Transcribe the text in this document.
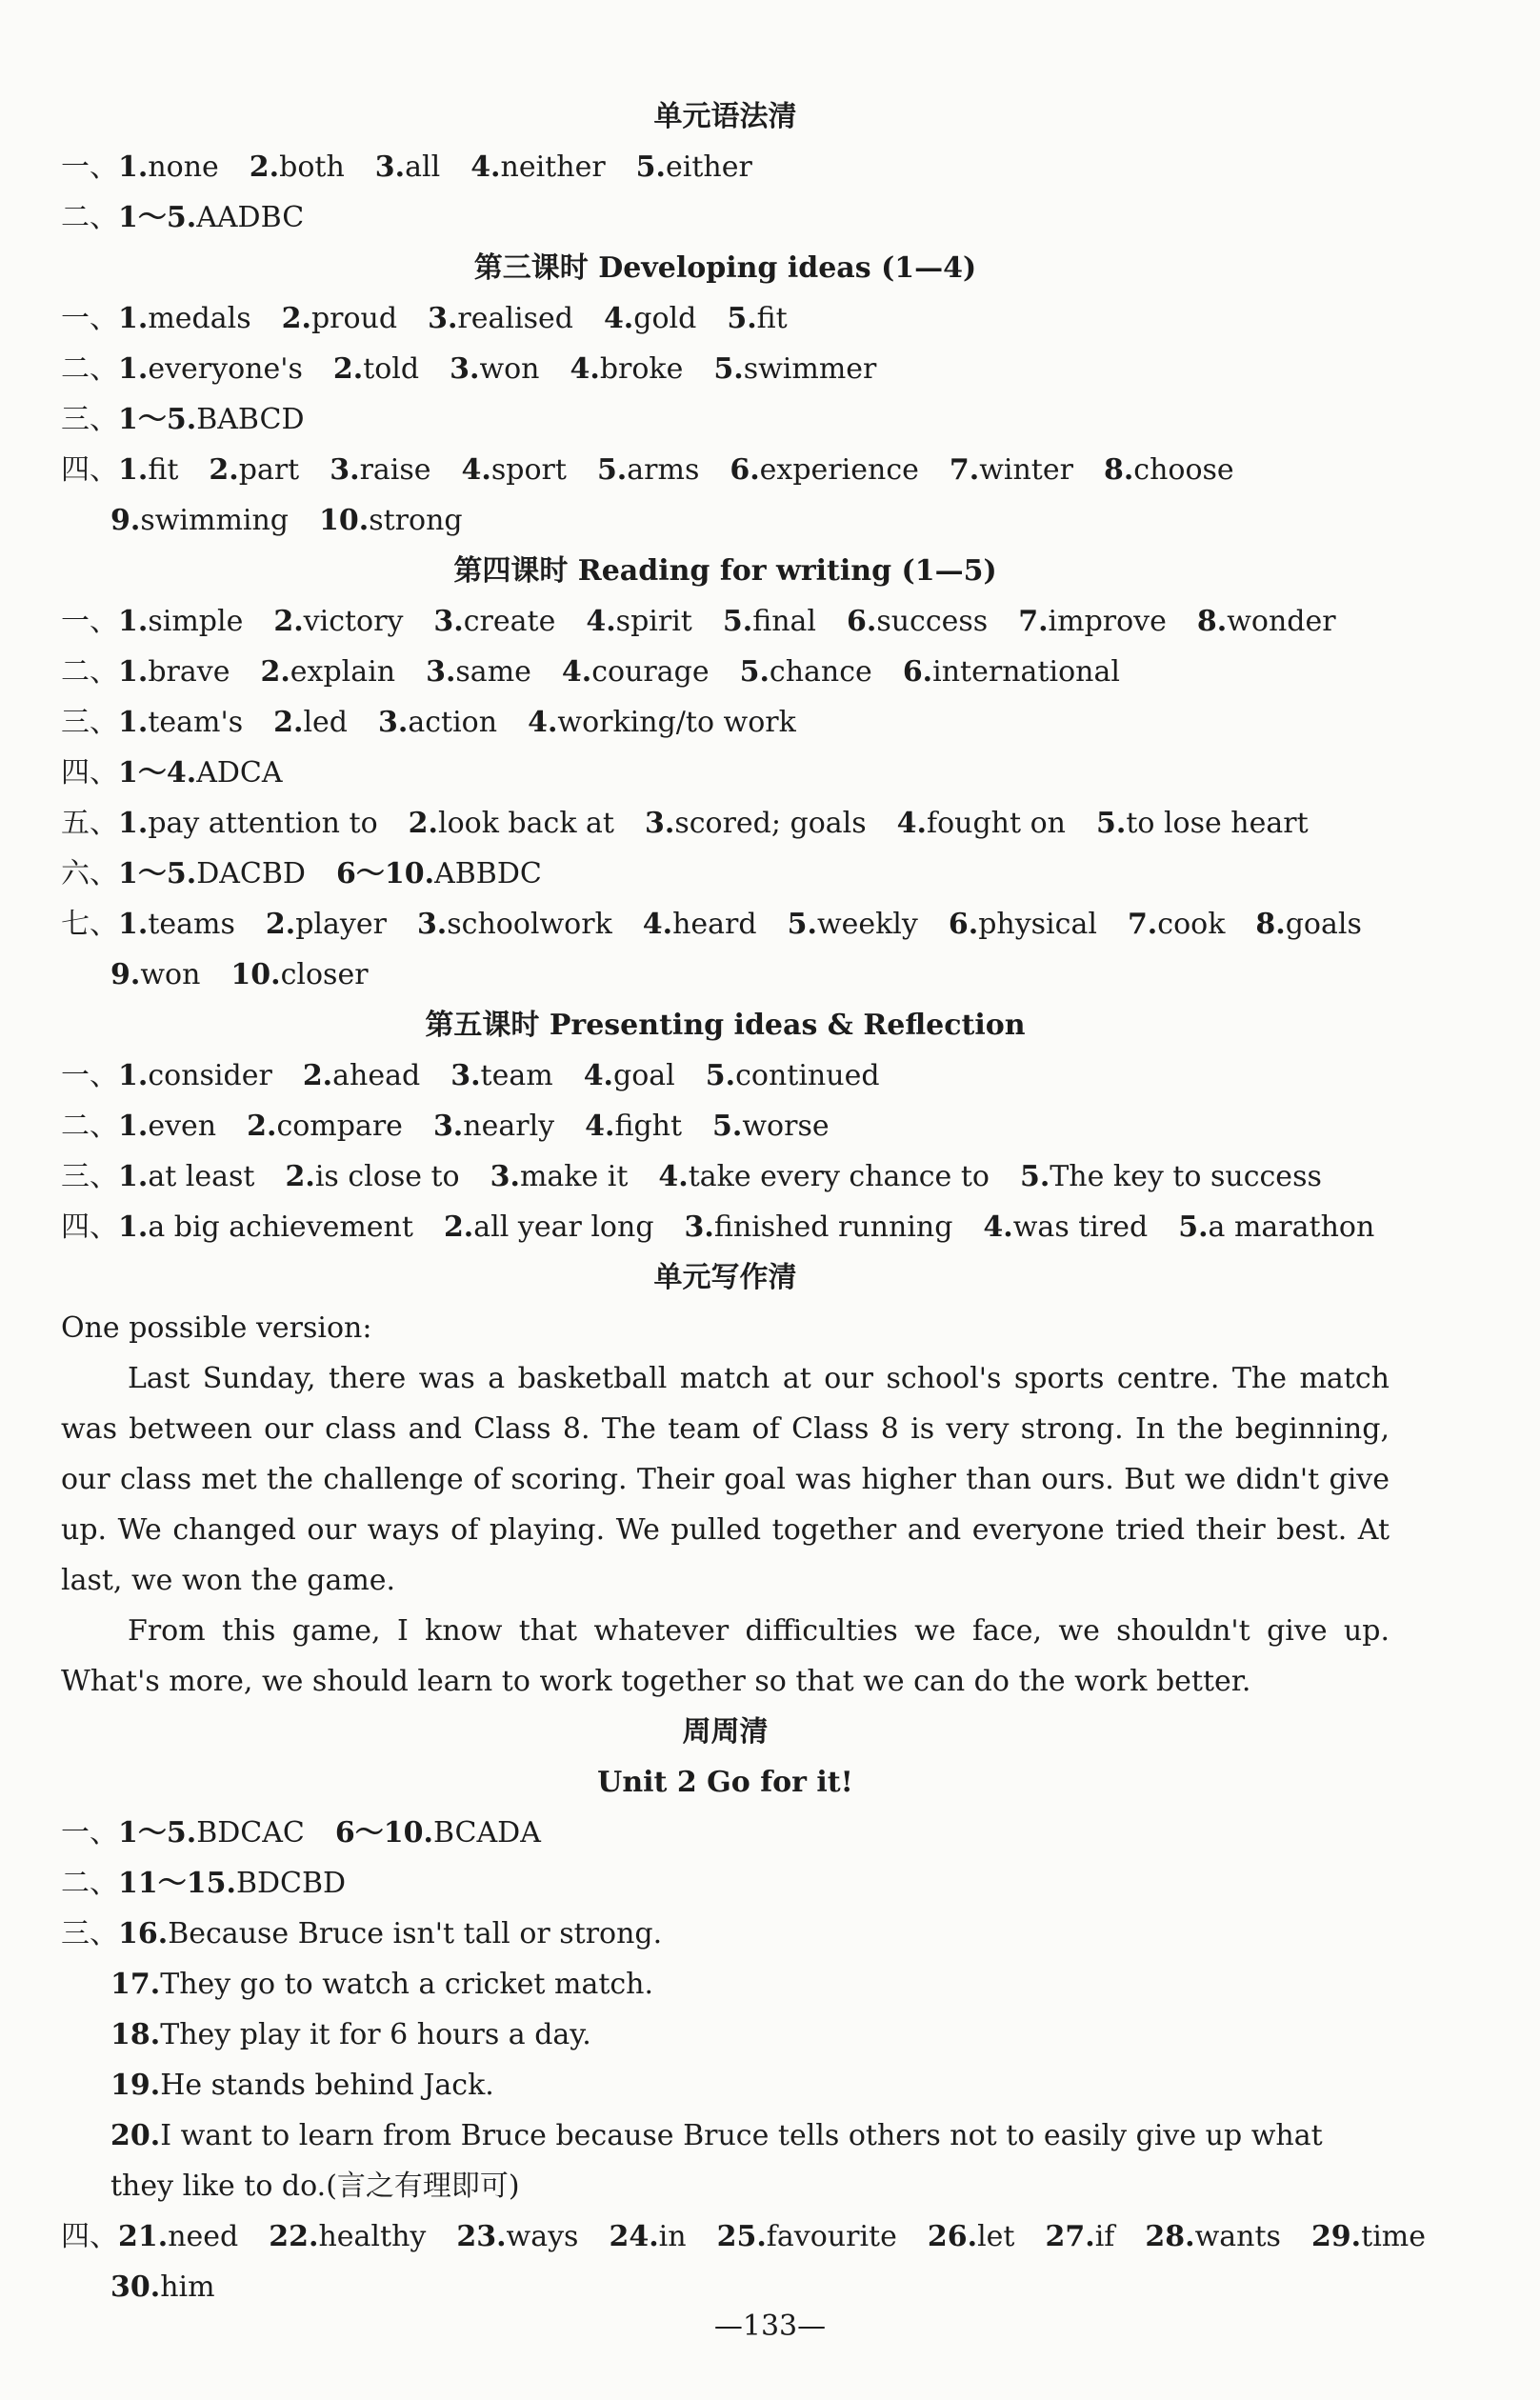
单元语法清
一、1.none 2.both 3.all 4.neither 5.either
二、1～5.AADBC
第三课时 Developing ideas (1—4)
一、1.medals 2.proud 3.realised 4.gold 5.fit
二、1.everyone's 2.told 3.won 4.broke 5.swimmer
三、1～5.BABCD
四、1.fit 2.part 3.raise 4.sport 5.arms 6.experience 7.winter 8.choose
9.swimming 10.strong
第四课时 Reading for writing (1—5)
一、1.simple 2.victory 3.create 4.spirit 5.final 6.success 7.improve 8.wonder
二、1.brave 2.explain 3.same 4.courage 5.chance 6.international
三、1.team's 2.led 3.action 4.working/to work
四、1～4.ADCA
五、1.pay attention to 2.look back at 3.scored; goals 4.fought on 5.to lose heart
六、1～5.DACBD 6～10.ABBDC
七、1.teams 2.player 3.schoolwork 4.heard 5.weekly 6.physical 7.cook 8.goals
9.won 10.closer
第五课时 Presenting ideas & Reflection
一、1.consider 2.ahead 3.team 4.goal 5.continued
二、1.even 2.compare 3.nearly 4.fight 5.worse
三、1.at least 2.is close to 3.make it 4.take every chance to 5.The key to success
四、1.a big achievement 2.all year long 3.finished running 4.was tired 5.a marathon
单元写作清
One possible version:

Last Sunday, there was a basketball match at our school's sports centre. The match was between our class and Class 8. The team of Class 8 is very strong. In the beginning, our class met the challenge of scoring. Their goal was higher than ours. But we didn't give up. We changed our ways of playing. We pulled together and everyone tried their best. At last, we won the game.

From this game, I know that whatever difficulties we face, we shouldn't give up. What's more, we should learn to work together so that we can do the work better.

周周清
Unit 2 Go for it!
一、1～5.BDCAC 6～10.BCADA
二、11～15.BDCBD
三、16.Because Bruce isn't tall or strong.
17.They go to watch a cricket match.
18.They play it for 6 hours a day.
19.He stands behind Jack.
20.I want to learn from Bruce because Bruce tells others not to easily give up what they like to do.(言之有理即可)
四、21.need 22.healthy 23.ways 24.in 25.favourite 26.let 27.if 28.wants 29.time
30.him
—133—
